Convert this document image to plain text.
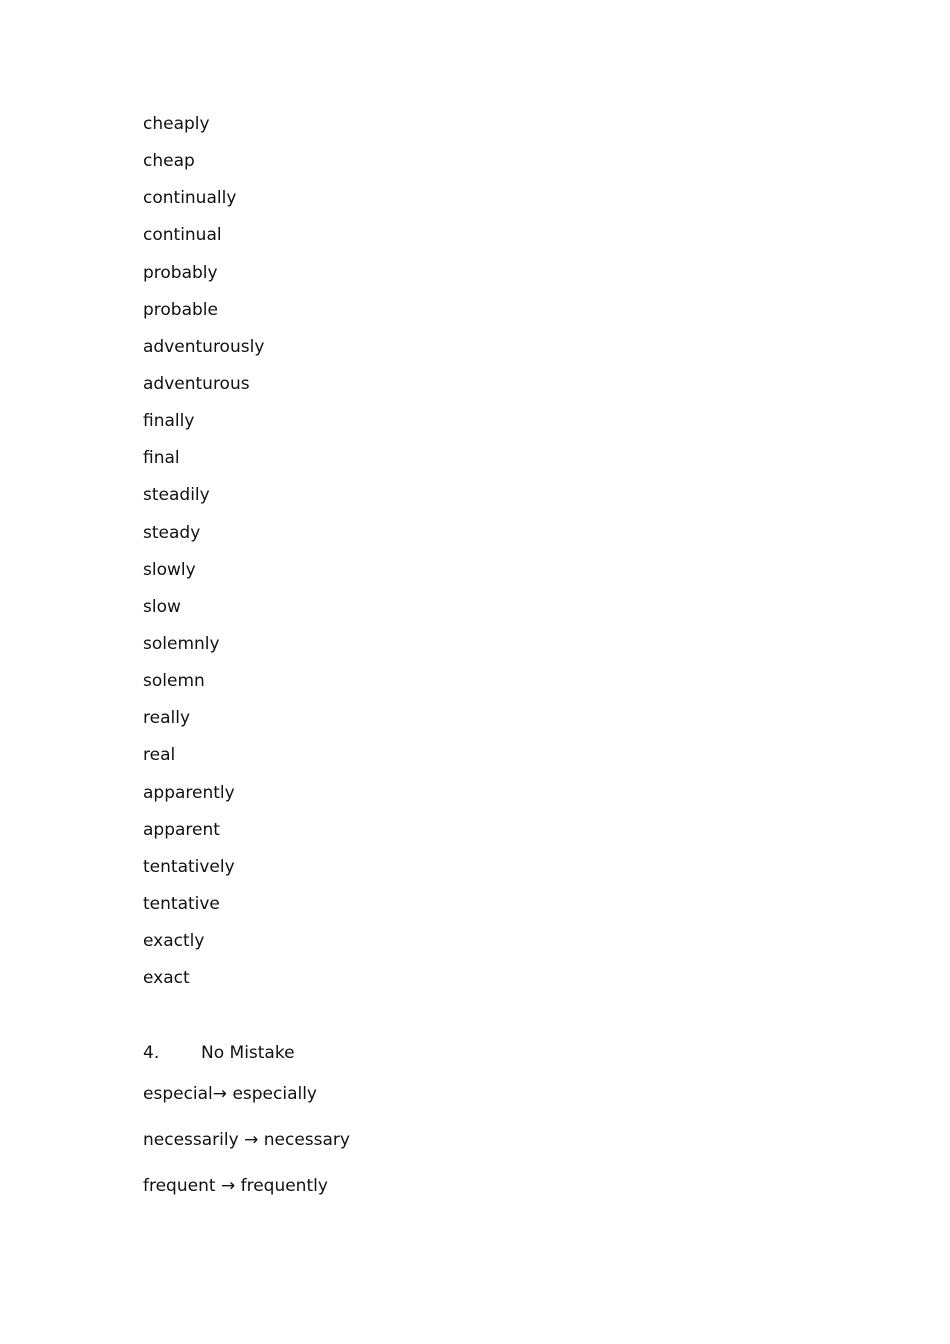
cheaply
cheap
continually
continual
probably
probable
adventurously
adventurous
finally
final
steadily
steady
slowly
slow
solemnly
solemn
really
real
apparently
apparent
tentatively
tentative
exactly
exact
4. No Mistake
especial→ especially
necessarily → necessary
frequent → frequently
